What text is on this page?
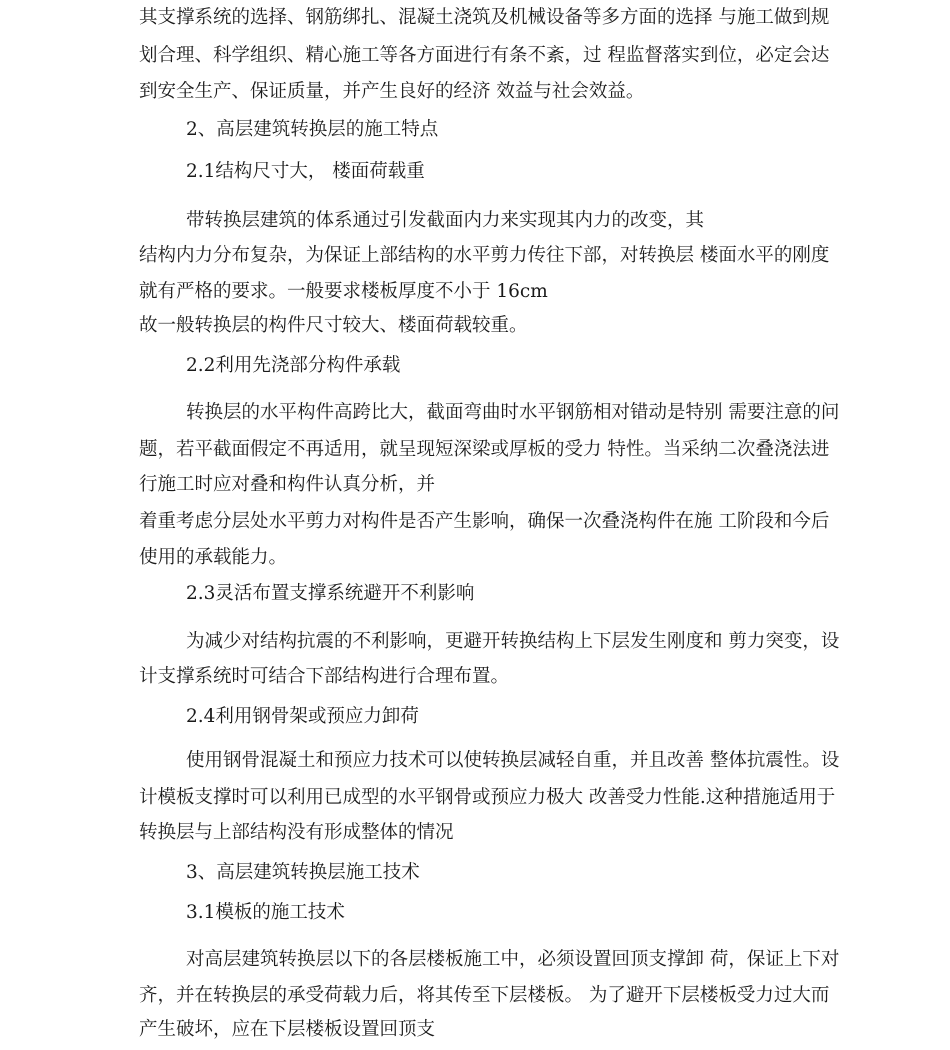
其支撑系统的选择、钢筋绑扎、混凝土浇筑及机械设备等多方面的选择 与施工做到规
划合理、科学组织、精心施工等各方面进行有条不紊，过 程监督落实到位，必定会达
到安全生产、保证质量，并产生良好的经济 效益与社会效益。
2、高层建筑转换层的施工特点
2.1结构尺寸大， 楼面荷载重
带转换层建筑的体系通过引发截面内力来实现其内力的改变，其
结构内力分布复杂，为保证上部结构的水平剪力传往下部，对转换层 楼面水平的刚度
就有严格的要求。一般要求楼板厚度不小于 16cm
故一般转换层的构件尺寸较大、楼面荷载较重。
2.2利用先浇部分构件承载
转换层的水平构件高跨比大，截面弯曲时水平钢筋相对错动是特别 需要注意的问
题，若平截面假定不再适用，就呈现短深梁或厚板的受力 特性。当采纳二次叠浇法进
行施工时应对叠和构件认真分析，并
着重考虑分层处水平剪力对构件是否产生影响，确保一次叠浇构件在施 工阶段和今后
使用的承载能力。
2.3灵活布置支撑系统避开不利影响
为减少对结构抗震的不利影响，更避开转换结构上下层发生刚度和 剪力突变，设
计支撑系统时可结合下部结构进行合理布置。
2.4利用钢骨架或预应力卸荷
使用钢骨混凝土和预应力技术可以使转换层减轻自重，并且改善 整体抗震性。设
计模板支撑时可以利用已成型的水平钢骨或预应力极大 改善受力性能.这种措施适用于
转换层与上部结构没有形成整体的情况
3、高层建筑转换层施工技术
3.1模板的施工技术
对高层建筑转换层以下的各层楼板施工中，必须设置回顶支撑卸 荷，保证上下对
齐，并在转换层的承受荷载力后，将其传至下层楼板。 为了避开下层楼板受力过大而
产生破坏，应在下层楼板设置回顶支
